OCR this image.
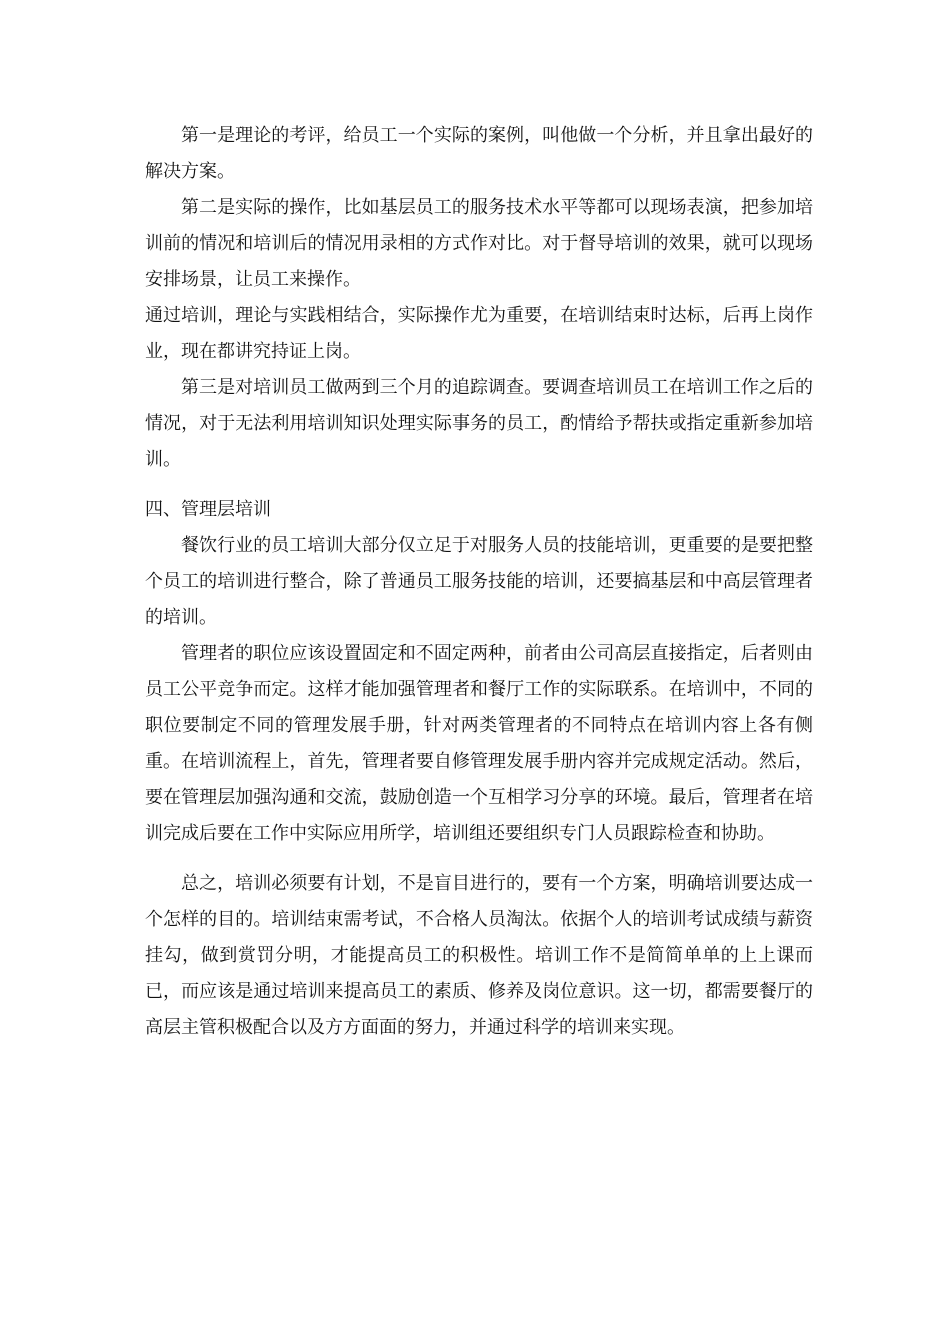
第一是理论的考评，给员工一个实际的案例，叫他做一个分析，并且拿出最好的解决方案。

第二是实际的操作，比如基层员工的服务技术水平等都可以现场表演，把参加培训前的情况和培训后的情况用录相的方式作对比。对于督导培训的效果，就可以现场安排场景，让员工来操作。

通过培训，理论与实践相结合，实际操作尤为重要，在培训结束时达标，后再上岗作业，现在都讲究持证上岗。

第三是对培训员工做两到三个月的追踪调查。要调查培训员工在培训工作之后的情况，对于无法利用培训知识处理实际事务的员工，酌情给予帮扶或指定重新参加培训。

四、管理层培训

餐饮行业的员工培训大部分仅立足于对服务人员的技能培训，更重要的是要把整个员工的培训进行整合，除了普通员工服务技能的培训，还要搞基层和中高层管理者的培训。

管理者的职位应该设置固定和不固定两种，前者由公司高层直接指定，后者则由员工公平竞争而定。这样才能加强管理者和餐厅工作的实际联系。在培训中，不同的职位要制定不同的管理发展手册，针对两类管理者的不同特点在培训内容上各有侧重。在培训流程上，首先，管理者要自修管理发展手册内容并完成规定活动。然后，要在管理层加强沟通和交流，鼓励创造一个互相学习分享的环境。最后，管理者在培训完成后要在工作中实际应用所学，培训组还要组织专门人员跟踪检查和协助。

总之，培训必须要有计划，不是盲目进行的，要有一个方案，明确培训要达成一个怎样的目的。培训结束需考试，不合格人员淘汰。依据个人的培训考试成绩与薪资挂勾，做到赏罚分明，才能提高员工的积极性。培训工作不是简简单单的上上课而已，而应该是通过培训来提高员工的素质、修养及岗位意识。这一切，都需要餐厅的高层主管积极配合以及方方面面的努力，并通过科学的培训来实现。
